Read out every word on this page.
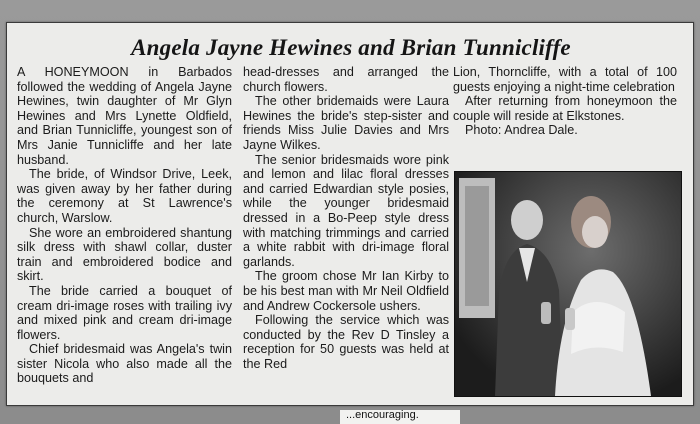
Angela Jayne Hewines and Brian Tunnicliffe

A HONEYMOON in Barbados followed the wedding of Angela Jayne Hewines, twin daughter of Mr Glyn Hewines and Mrs Lynette Oldfield, and Brian Tunnicliffe, youngest son of Mrs Janie Tunnicliffe and her late husband.

The bride, of Windsor Drive, Leek, was given away by her father during the ceremony at St Lawrence's church, Warslow.

She wore an embroidered shantung silk dress with shawl collar, duster train and embroidered bodice and skirt.

The bride carried a bouquet of cream dri-image roses with trailing ivy and mixed pink and cream dri-image flowers.

Chief bridesmaid was Angela's twin sister Nicola who also made all the bouquets and

head-dresses and arranged the church flowers.

The other bridemaids were Laura Hewines the bride's step-sister and friends Miss Julie Davies and Mrs Jayne Wilkes.

The senior bridesmaids wore pink and lemon and lilac floral dresses and carried Edwardian style posies, while the younger bridesmaid dressed in a Bo-Peep style dress with matching trimmings and carried a white rabbit with dri-image floral garlands.

The groom chose Mr Ian Kirby to be his best man with Mr Neil Oldfield and Andrew Cockersole ushers.

Following the service which was conducted by the Rev D Tinsley a reception for 50 guests was held at the Red

Lion, Thorncliffe, with a total of 100 guests enjoying a night-time celebration

After returning from honeymoon the couple will reside at Elkstones.

Photo: Andrea Dale.

...encouraging.
